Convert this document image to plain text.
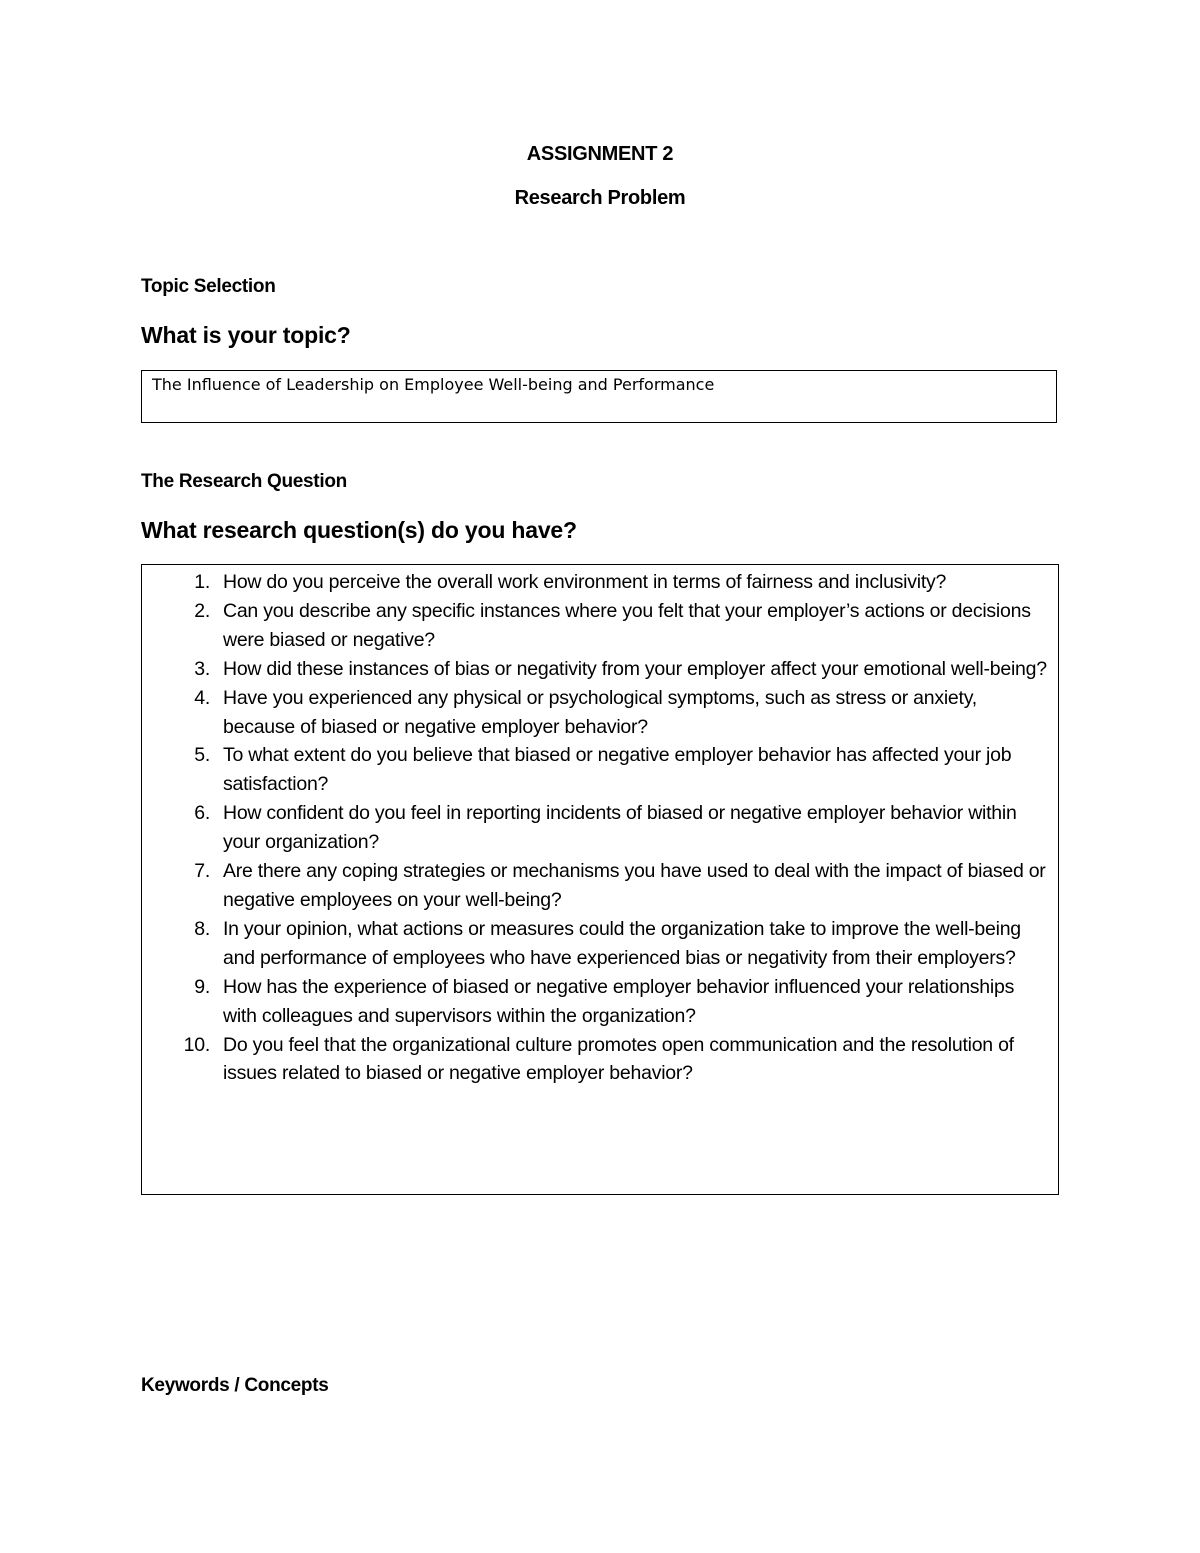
ASSIGNMENT 2
Research Problem
Topic Selection
What is your topic?
The Influence of Leadership on Employee Well-being and Performance
The Research Question
What research question(s) do you have?
1. How do you perceive the overall work environment in terms of fairness and inclusivity?
2. Can you describe any specific instances where you felt that your employer’s actions or decisions were biased or negative?
3. How did these instances of bias or negativity from your employer affect your emotional well-being?
4. Have you experienced any physical or psychological symptoms, such as stress or anxiety, because of biased or negative employer behavior?
5. To what extent do you believe that biased or negative employer behavior has affected your job satisfaction?
6. How confident do you feel in reporting incidents of biased or negative employer behavior within your organization?
7. Are there any coping strategies or mechanisms you have used to deal with the impact of biased or negative employees on your well-being?
8. In your opinion, what actions or measures could the organization take to improve the well-being and performance of employees who have experienced bias or negativity from their employers?
9. How has the experience of biased or negative employer behavior influenced your relationships with colleagues and supervisors within the organization?
10. Do you feel that the organizational culture promotes open communication and the resolution of issues related to biased or negative employer behavior?
Keywords / Concepts
